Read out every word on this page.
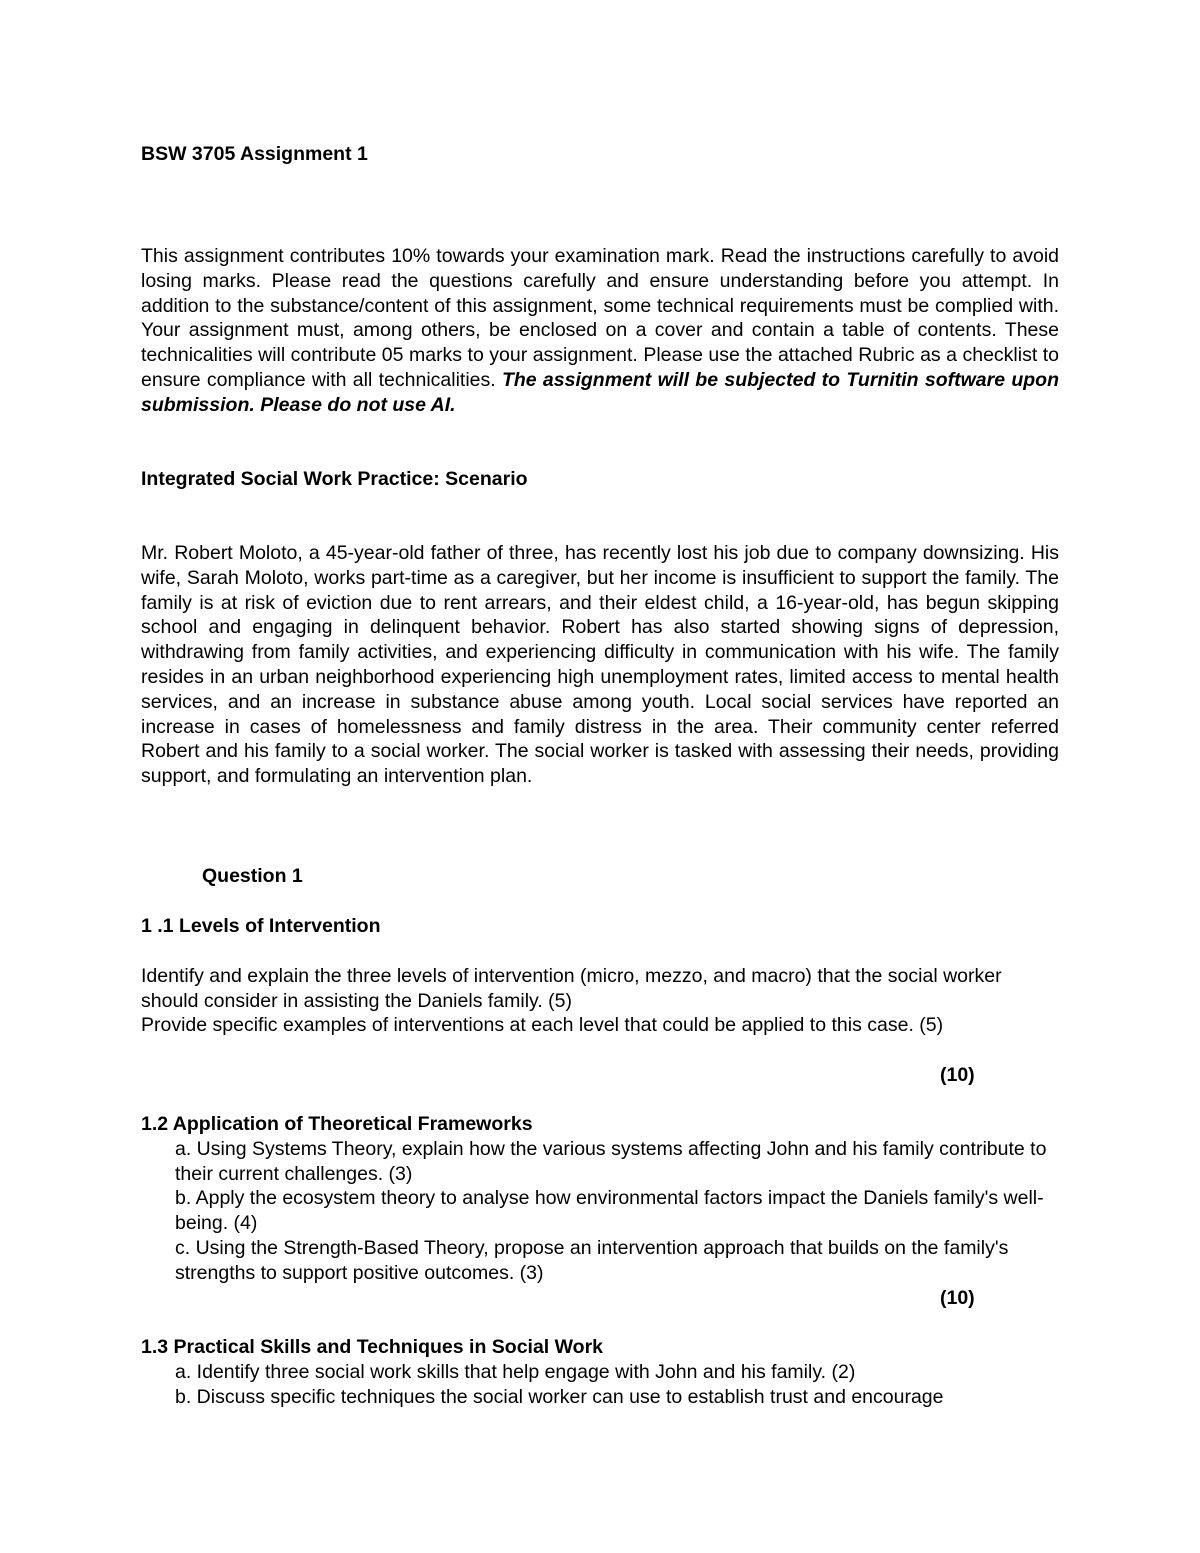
BSW 3705 Assignment 1

This assignment contributes 10% towards your examination mark. Read the instructions carefully to avoid losing marks. Please read the questions carefully and ensure understanding before you attempt. In addition to the substance/content of this assignment, some technical requirements must be complied with. Your assignment must, among others, be enclosed on a cover and contain a table of contents. These technicalities will contribute 05 marks to your assignment. Please use the attached Rubric as a checklist to ensure compliance with all technicalities. The assignment will be subjected to Turnitin software upon submission. Please do not use AI.

Integrated Social Work Practice: Scenario

Mr. Robert Moloto, a 45-year-old father of three, has recently lost his job due to company downsizing. His wife, Sarah Moloto, works part-time as a caregiver, but her income is insufficient to support the family. The family is at risk of eviction due to rent arrears, and their eldest child, a 16-year-old, has begun skipping school and engaging in delinquent behavior. Robert has also started showing signs of depression, withdrawing from family activities, and experiencing difficulty in communication with his wife. The family resides in an urban neighborhood experiencing high unemployment rates, limited access to mental health services, and an increase in substance abuse among youth. Local social services have reported an increase in cases of homelessness and family distress in the area. Their community center referred Robert and his family to a social worker. The social worker is tasked with assessing their needs, providing support, and formulating an intervention plan.

Question 1
1 .1 Levels of Intervention

Identify and explain the three levels of intervention (micro, mezzo, and macro) that the social worker should consider in assisting the Daniels family. (5)

Provide specific examples of interventions at each level that could be applied to this case. (5)

(10)
1.2 Application of Theoretical Frameworks

a. Using Systems Theory, explain how the various systems affecting John and his family contribute to their current challenges. (3)

b. Apply the ecosystem theory to analyse how environmental factors impact the Daniels family's well-being. (4)

c. Using the Strength-Based Theory, propose an intervention approach that builds on the family's strengths to support positive outcomes. (3)

(10)
1.3 Practical Skills and Techniques in Social Work

a. Identify three social work skills that help engage with John and his family. (2)

b. Discuss specific techniques the social worker can use to establish trust and encourage
